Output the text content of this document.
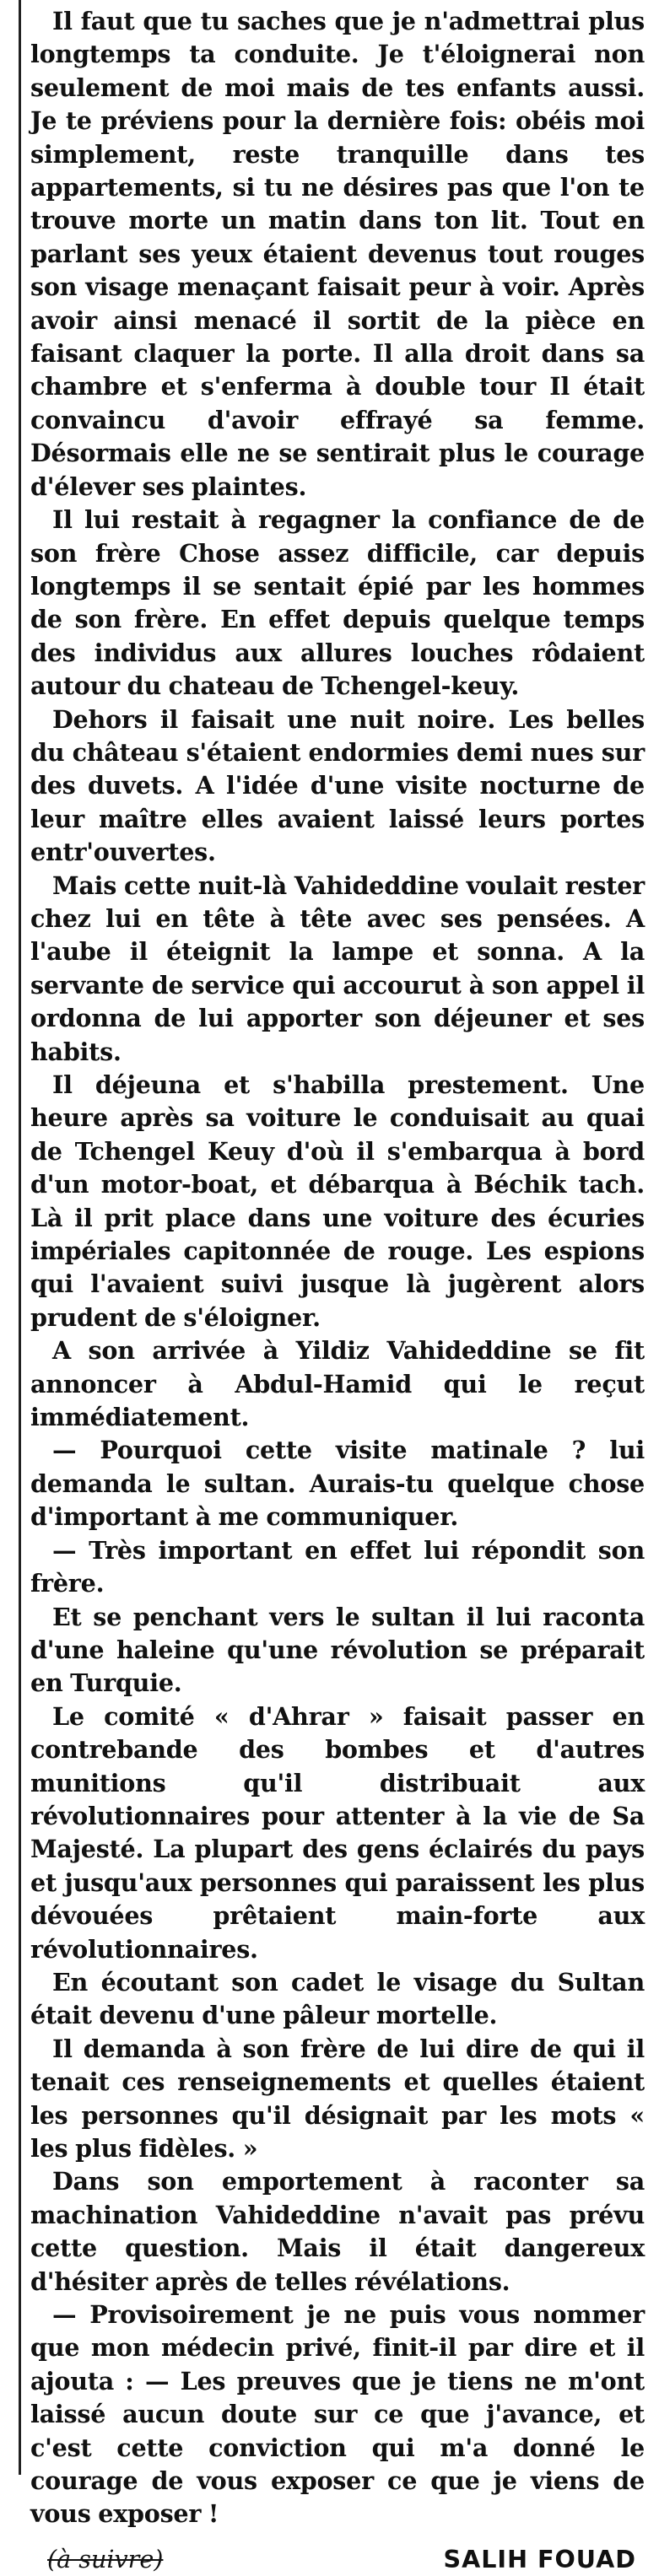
Il faut que tu saches que je n'admettrai plus longtemps ta conduite. Je t'éloignerai non seulement de moi mais de tes enfants aussi. Je te préviens pour la dernière fois: obéis moi simplement, reste tranquille dans tes appartements, si tu ne désires pas que l'on te trouve morte un matin dans ton lit. Tout en parlant ses yeux étaient devenus tout rouges son visage menaçant faisait peur à voir. Après avoir ainsi menacé il sortit de la pièce en faisant claquer la porte. Il alla droit dans sa chambre et s'enferma à double tour Il était convaincu d'avoir effrayé sa femme. Désormais elle ne se sentirait plus le courage d'élever ses plaintes.

Il lui restait à regagner la confiance de de son frère Chose assez difficile, car depuis longtemps il se sentait épié par les hommes de son frère. En effet depuis quelque temps des individus aux allures louches rôdaient autour du chateau de Tchengel-keuy.

Dehors il faisait une nuit noire. Les belles du château s'étaient endormies demi nues sur des duvets. A l'idée d'une visite nocturne de leur maître elles avaient laissé leurs portes entr'ouvertes.

Mais cette nuit-là Vahideddine voulait rester chez lui en tête à tête avec ses pensées. A l'aube il éteignit la lampe et sonna. A la servante de service qui accourut à son appel il ordonna de lui apporter son déjeuner et ses habits.

Il déjeuna et s'habilla prestement. Une heure après sa voiture le conduisait au quai de Tchengel Keuy d'où il s'embarqua à bord d'un motor-boat, et débarqua à Béchik tach. Là il prit place dans une voiture des écuries impériales capitonnée de rouge. Les espions qui l'avaient suivi jusque là jugèrent alors prudent de s'éloigner.

A son arrivée à Yildiz Vahideddine se fit annoncer à Abdul-Hamid qui le reçut immédiatement.

— Pourquoi cette visite matinale ? lui demanda le sultan. Aurais-tu quelque chose d'important à me communiquer.

— Très important en effet lui répondit son frère.

Et se penchant vers le sultan il lui raconta d'une haleine qu'une révolution se préparait en Turquie.

Le comité « d'Ahrar » faisait passer en contrebande des bombes et d'autres munitions qu'il distribuait aux révolutionnaires pour attenter à la vie de Sa Majesté. La plupart des gens éclairés du pays et jusqu'aux personnes qui paraissent les plus dévouées prêtaient main-forte aux révolutionnaires.

En écoutant son cadet le visage du Sultan était devenu d'une pâleur mortelle.

Il demanda à son frère de lui dire de qui il tenait ces renseignements et quelles étaient les personnes qu'il désignait par les mots « les plus fidèles. »

Dans son emportement à raconter sa machination Vahideddine n'avait pas prévu cette question. Mais il était dangereux d'hésiter après de telles révélations.

— Provisoirement je ne puis vous nommer que mon médecin privé, finit-il par dire et il ajouta : — Les preuves que je tiens ne m'ont laissé aucun doute sur ce que j'avance, et c'est cette conviction qui m'a donné le courage de vous exposer ce que je viens de vous exposer !

(à suivre)	SALIH FOUAD
